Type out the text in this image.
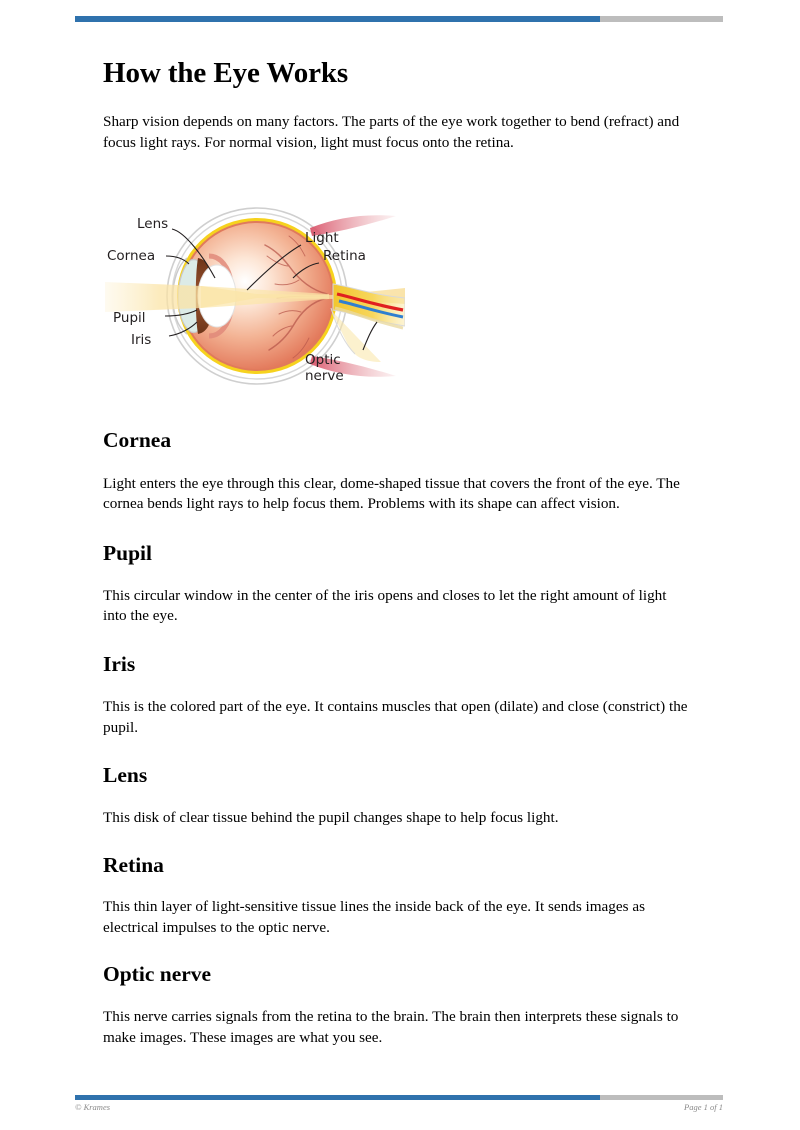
How the Eye Works

Sharp vision depends on many factors. The parts of the eye work together to bend (refract) and focus light rays. For normal vision, light must focus onto the retina.

Lens
Cornea
Pupil
Iris
Light
Retina
Optic
nerve
Cornea

Light enters the eye through this clear, dome-shaped tissue that covers the front of the eye. The cornea bends light rays to help focus them. Problems with its shape can affect vision.

Pupil

This circular window in the center of the iris opens and closes to let the right amount of light into the eye.

Iris

This is the colored part of the eye. It contains muscles that open (dilate) and close (constrict) the pupil.

Lens

This disk of clear tissue behind the pupil changes shape to help focus light.

Retina

This thin layer of light-sensitive tissue lines the inside back of the eye. It sends images as electrical impulses to the optic nerve.

Optic nerve

This nerve carries signals from the retina to the brain. The brain then interprets these signals to make images. These images are what you see.

© Krames	Page 1 of 1
